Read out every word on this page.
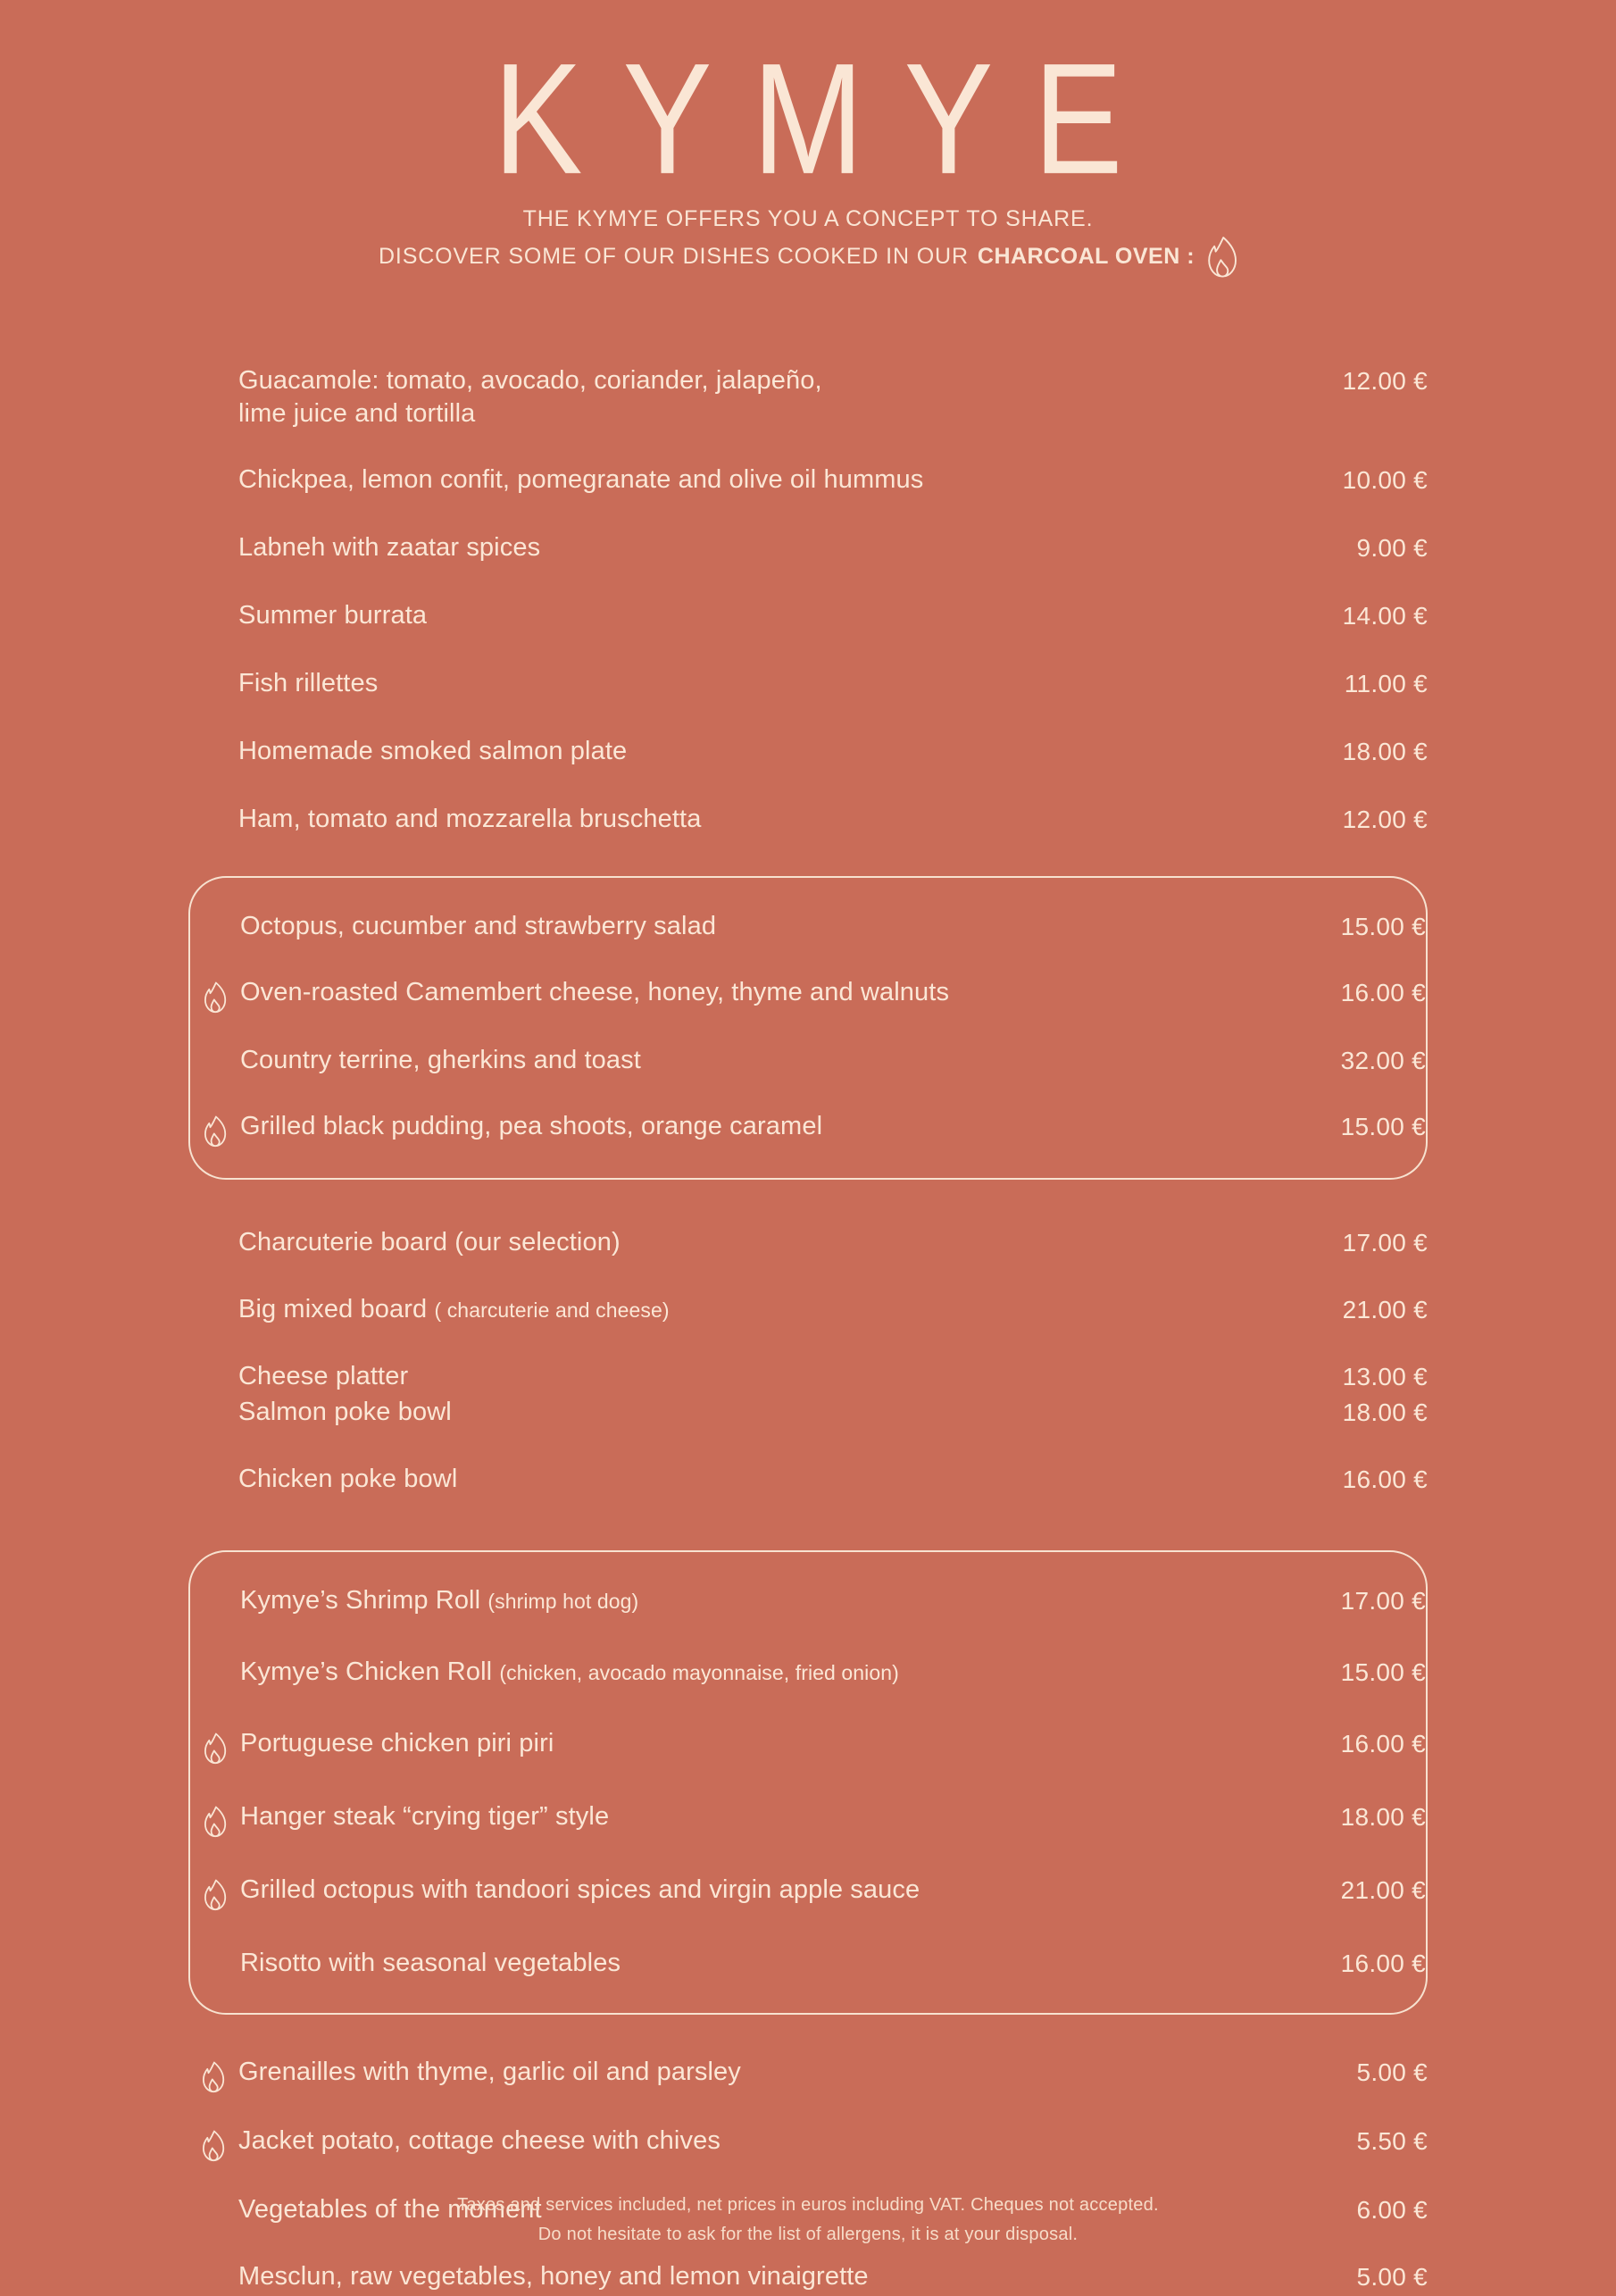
KYMYE
THE KYMYE OFFERS YOU A CONCEPT TO SHARE.
DISCOVER SOME OF OUR DISHES COOKED IN OUR CHARCOAL OVEN :
Guacamole: tomato, avocado, coriander, jalapeño,
lime juice and tortilla
12.00 €
Chickpea, lemon confit, pomegranate and olive oil hummus	10.00 €
Labneh with zaatar spices	9.00 €
Summer burrata	14.00 €
Fish rillettes	11.00 €
Homemade smoked salmon plate	18.00 €
Ham, tomato and mozzarella bruschetta	12.00 €
Octopus, cucumber and strawberry salad	15.00 €
Oven-roasted Camembert cheese, honey, thyme and walnuts	16.00 €
Country terrine, gherkins and toast	32.00 €
Grilled black pudding, pea shoots, orange caramel	15.00 €
Charcuterie board (our selection)	17.00 €
Big mixed board ( charcuterie and cheese)	21.00 €
Cheese platter	13.00 €
Salmon poke bowl	18.00 €
Chicken poke bowl	16.00 €
Kymye’s Shrimp Roll (shrimp hot dog)	17.00 €
Kymye’s Chicken Roll (chicken, avocado mayonnaise, fried onion)	15.00 €
Portuguese chicken piri piri	16.00 €
Hanger steak “crying tiger” style	18.00 €
Grilled octopus with tandoori spices and virgin apple sauce	21.00 €
Risotto with seasonal vegetables	16.00 €
Grenailles with thyme, garlic oil and parsley	5.00 €
Jacket potato, cottage cheese with chives	5.50 €
Vegetables of the moment	6.00 €
Mesclun, raw vegetables, honey and lemon vinaigrette	5.00 €
Taxes and services included, net prices in euros including VAT. Cheques not accepted.
Do not hesitate to ask for the list of allergens, it is at your disposal.
